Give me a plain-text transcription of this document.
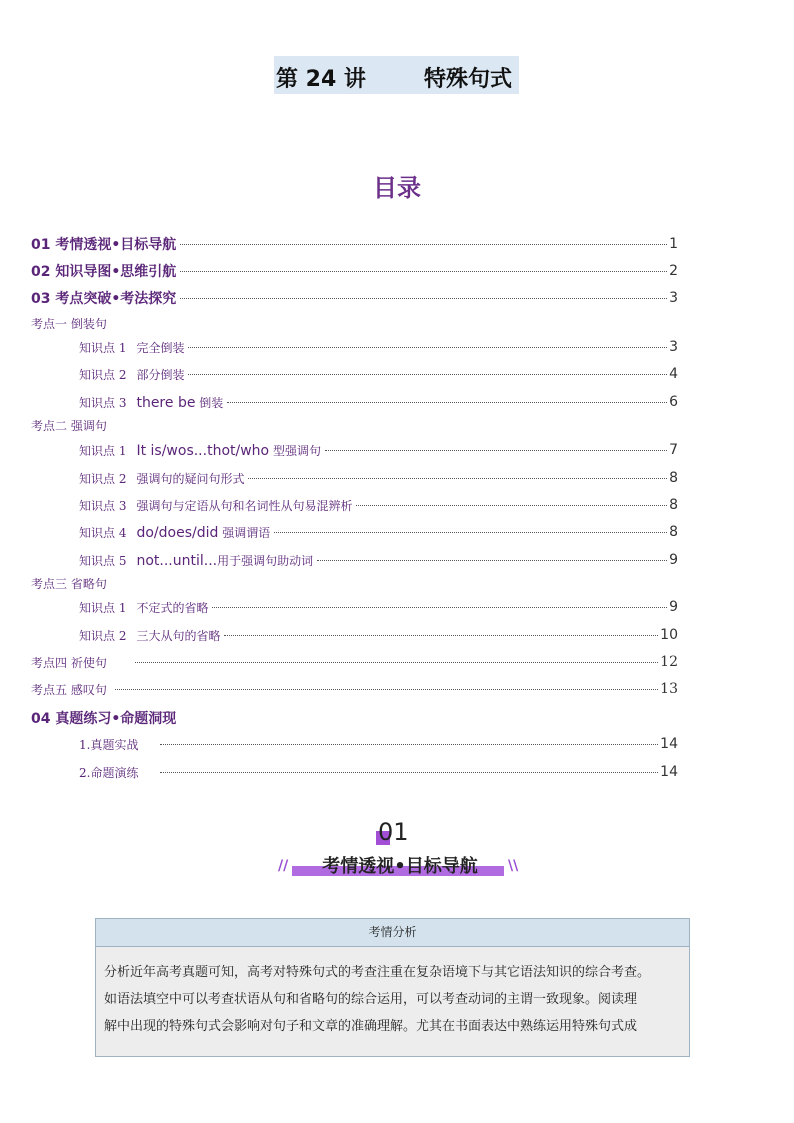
第 24 讲	特殊句式
目录
01 考情透视•目标导航	1
02 知识导图•思维引航	2
03 考点突破•考法探究	3
考点一 倒装句
知识点 1 完全倒装	3
知识点 2 部分倒装	4
知识点 3 there be 倒装	6
考点二 强调句
知识点 1 It is/wos...thot/who 型强调句	7
知识点 2 强调句的疑问句形式	8
知识点 3 强调句与定语从句和名词性从句易混辨析	8
知识点 4 do/does/did 强调谓语	8
知识点 5 not...until...用于强调句助动词	9
考点三 省略句
知识点 1 不定式的省略	9
知识点 2 三大从句的省略	10
考点四 祈使句	12
考点五 感叹句	13
04 真题练习•命题洞现
1.真题实战	14
2.命题演练	14
01
//	考情透视•目标导航	\\
考情分析
分析近年高考真题可知，高考对特殊句式的考查注重在复杂语境下与其它语法知识的综合考查。
如语法填空中可以考查状语从句和省略句的综合运用，可以考查动词的主谓一致现象。阅读理
解中出现的特殊句式会影响对句子和文章的准确理解。尤其在书面表达中熟练运用特殊句式成
